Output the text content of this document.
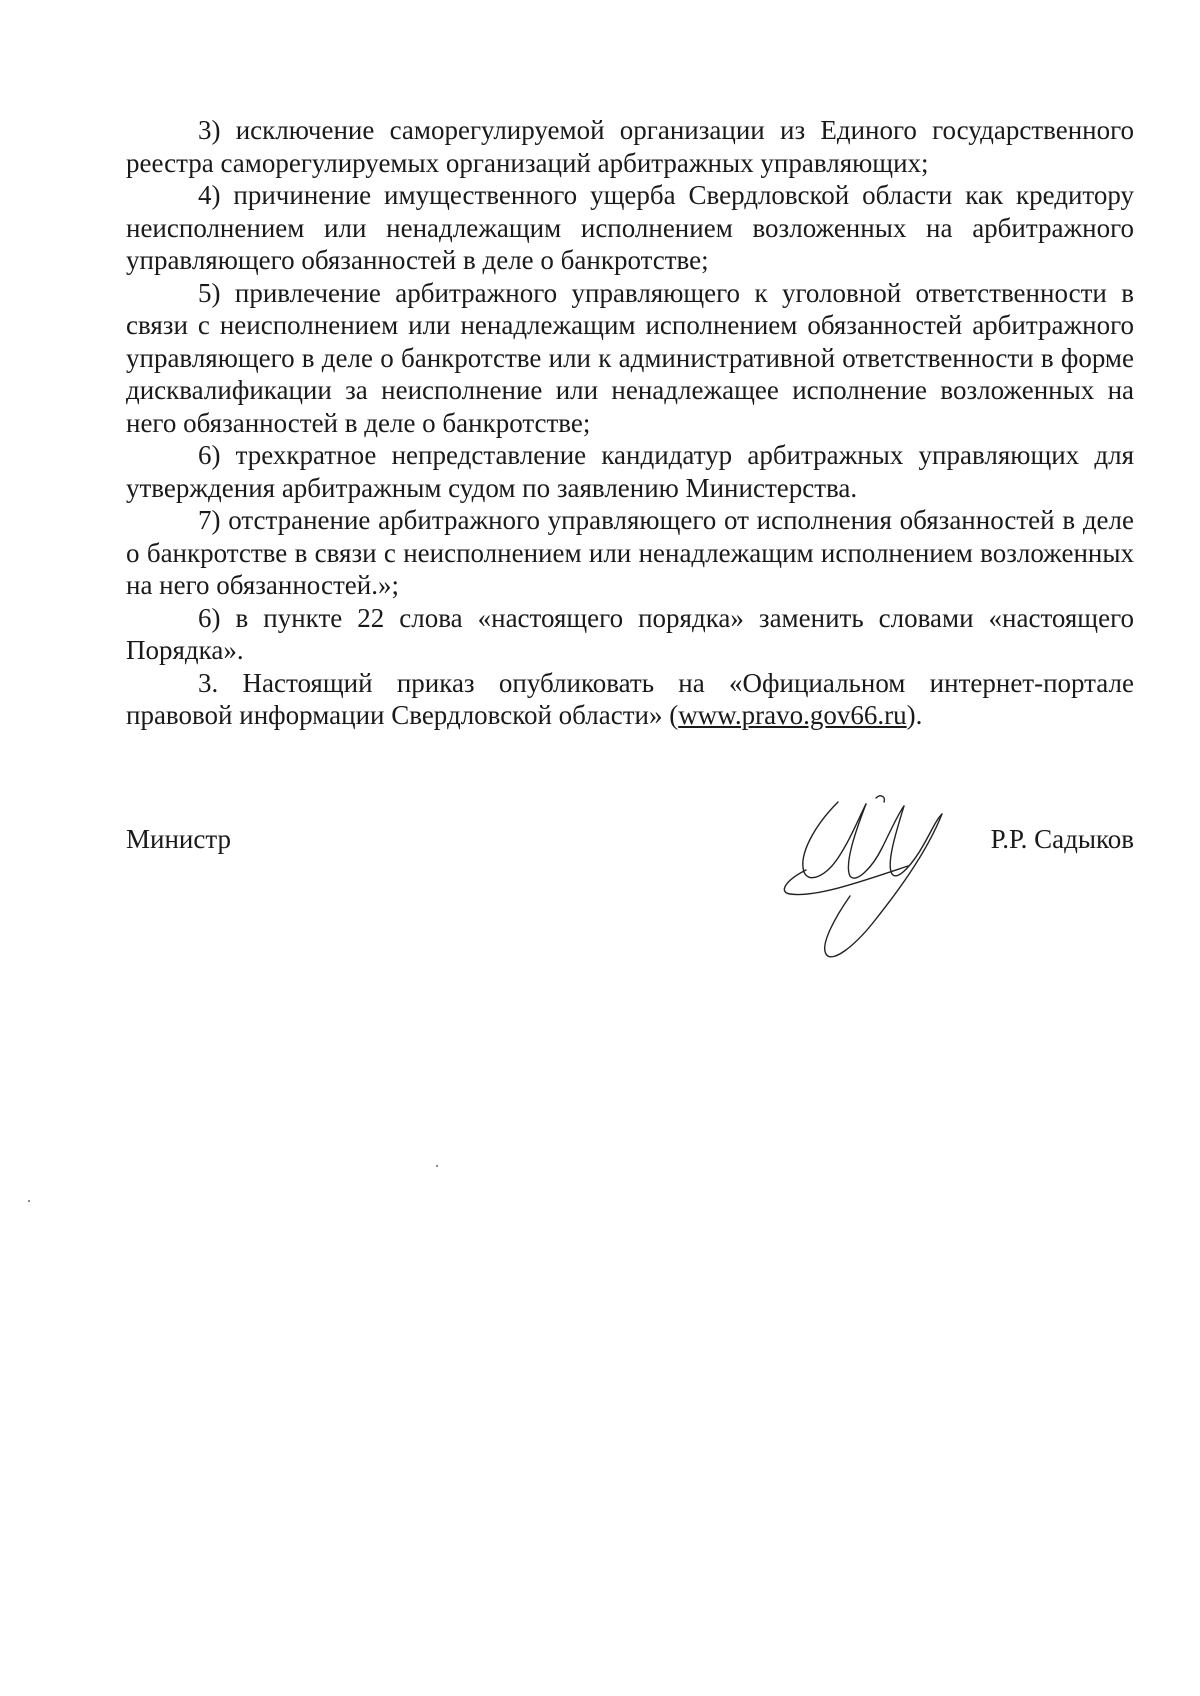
3) исключение саморегулируемой организации из Единого государственного реестра саморегулируемых организаций арбитражных управляющих;

4) причинение имущественного ущерба Свердловской области как кредитору неисполнением или ненадлежащим исполнением возложенных на арбитражного управляющего обязанностей в деле о банкротстве;

5) привлечение арбитражного управляющего к уголовной ответственности в связи с неисполнением или ненадлежащим исполнением обязанностей арбитражного управляющего в деле о банкротстве или к административной ответственности в форме дисквалификации за неисполнение или ненадлежащее исполнение возложенных на него обязанностей в деле о банкротстве;

6) трехкратное непредставление кандидатур арбитражных управляющих для утверждения арбитражным судом по заявлению Министерства.

7) отстранение арбитражного управляющего от исполнения обязанностей в деле о банкротстве в связи с неисполнением или ненадлежащим исполнением возложенных на него обязанностей.»;

6) в пункте 22 слова «настоящего порядка» заменить словами «настоящего Порядка».

3. Настоящий приказ опубликовать на «Официальном интернет-портале правовой информации Свердловской области» (www.pravo.gov66.ru).

Министр	Р.Р. Садыков
